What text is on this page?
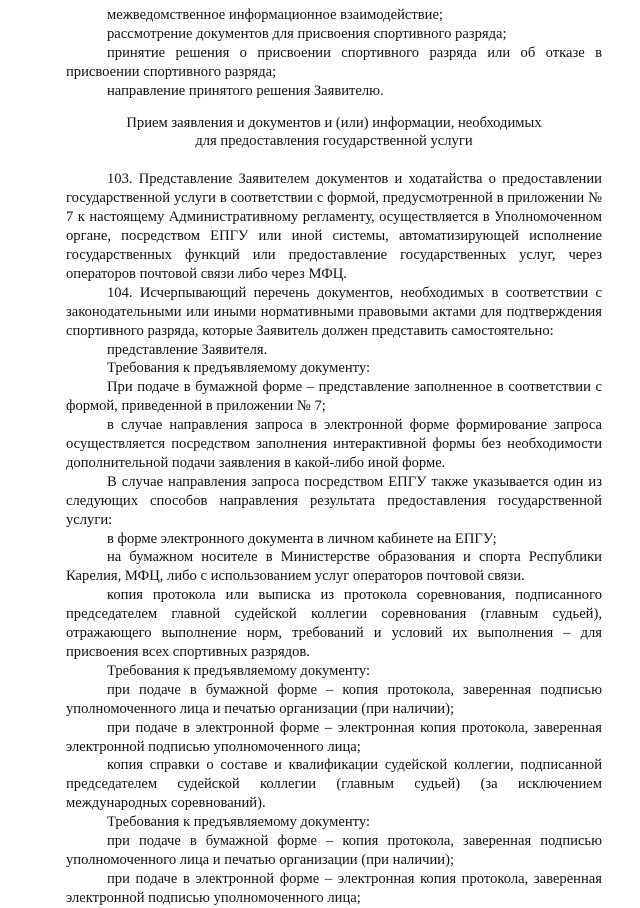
межведомственное информационное взаимодействие;

рассмотрение документов для присвоения спортивного разряда;

принятие решения о присвоении спортивного разряда или об отказе в присвоении спортивного разряда;

направление принятого решения Заявителю.

Прием заявления и документов и (или) информации, необходимых

для предоставления государственной услуги

103. Представление Заявителем документов и ходатайства о предоставлении государственной услуги в соответствии с формой, предусмотренной в приложении № 7 к настоящему Административному регламенту, осуществляется в Уполномоченном органе, посредством ЕПГУ или иной системы, автоматизирующей исполнение государственных функций или предоставление государственных услуг, через операторов почтовой связи либо через МФЦ.

104. Исчерпывающий перечень документов, необходимых в соответствии с законодательными или иными нормативными правовыми актами для подтверждения спортивного разряда, которые Заявитель должен представить самостоятельно:

представление Заявителя.

Требования к предъявляемому документу:

При подаче в бумажной форме – представление заполненное в соответствии с формой, приведенной в приложении № 7;

в случае направления запроса в электронной форме формирование запроса осуществляется посредством заполнения интерактивной формы без необходимости дополнительной подачи заявления в какой-либо иной форме.

В случае направления запроса посредством ЕПГУ также указывается один из следующих способов направления результата предоставления государственной услуги:

в форме электронного документа в личном кабинете на ЕПГУ;

на бумажном носителе в Министерстве образования и спорта Республики Карелия, МФЦ, либо с использованием услуг операторов почтовой связи.

копия протокола или выписка из протокола соревнования, подписанного председателем главной судейской коллегии соревнования (главным судьей), отражающего выполнение норм, требований и условий их выполнения – для присвоения всех спортивных разрядов.

Требования к предъявляемому документу:

при подаче в бумажной форме – копия протокола, заверенная подписью уполномоченного лица и печатью организации (при наличии);

при подаче в электронной форме – электронная копия протокола, заверенная электронной подписью уполномоченного лица;

копия справки о составе и квалификации судейской коллегии, подписанной председателем судейской коллегии (главным судьей) (за исключением международных соревнований).

Требования к предъявляемому документу:

при подаче в бумажной форме – копия протокола, заверенная подписью уполномоченного лица и печатью организации (при наличии);

при подаче в электронной форме – электронная копия протокола, заверенная электронной подписью уполномоченного лица;
